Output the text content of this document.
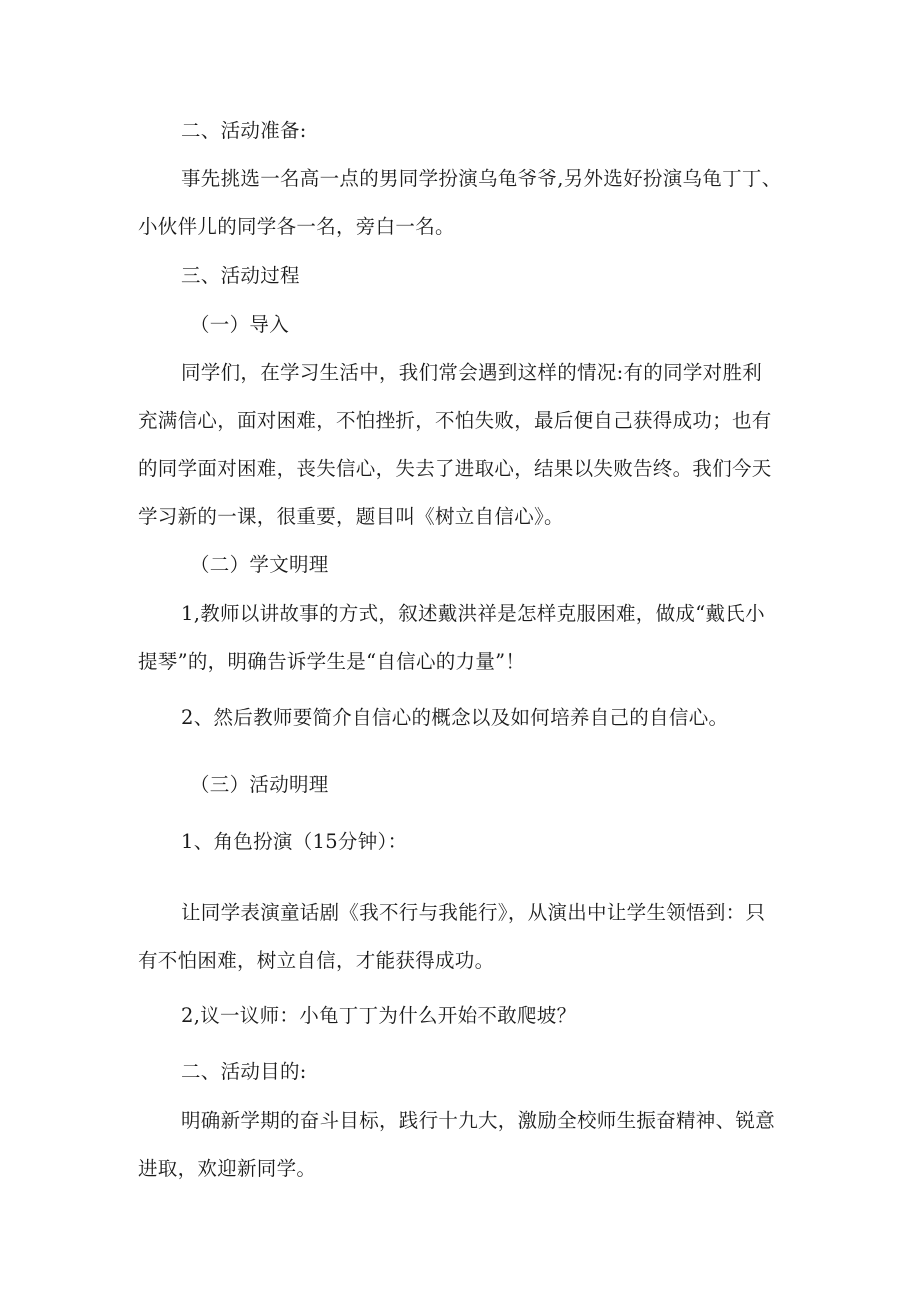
二、活动准备:
事先挑选一名高一点的男同学扮演乌龟爷爷,另外选好扮演乌龟丁丁、
小伙伴儿的同学各一名，旁白一名。
三、活动过程
（一）导入
同学们，在学习生活中，我们常会遇到这样的情况:有的同学对胜利
充满信心，面对困难，不怕挫折，不怕失败，最后便自己获得成功；也有
的同学面对困难，丧失信心，失去了进取心，结果以失败告终。我们今天
学习新的一课，很重要，题目叫《树立自信心》。
（二）学文明理
1,教师以讲故事的方式，叙述戴洪祥是怎样克服困难，做成“戴氏小
提琴”的，明确告诉学生是“自信心的力量”！
2、然后教师要简介自信心的概念以及如何培养自己的自信心。
（三）活动明理
1、角色扮演（15分钟）：
让同学表演童话剧《我不行与我能行》，从演出中让学生领悟到：只
有不怕困难，树立自信，才能获得成功。
2,议一议师：小龟丁丁为什么开始不敢爬坡？
二、活动目的:
明确新学期的奋斗目标，践行十九大，激励全校师生振奋精神、锐意
进取，欢迎新同学。
